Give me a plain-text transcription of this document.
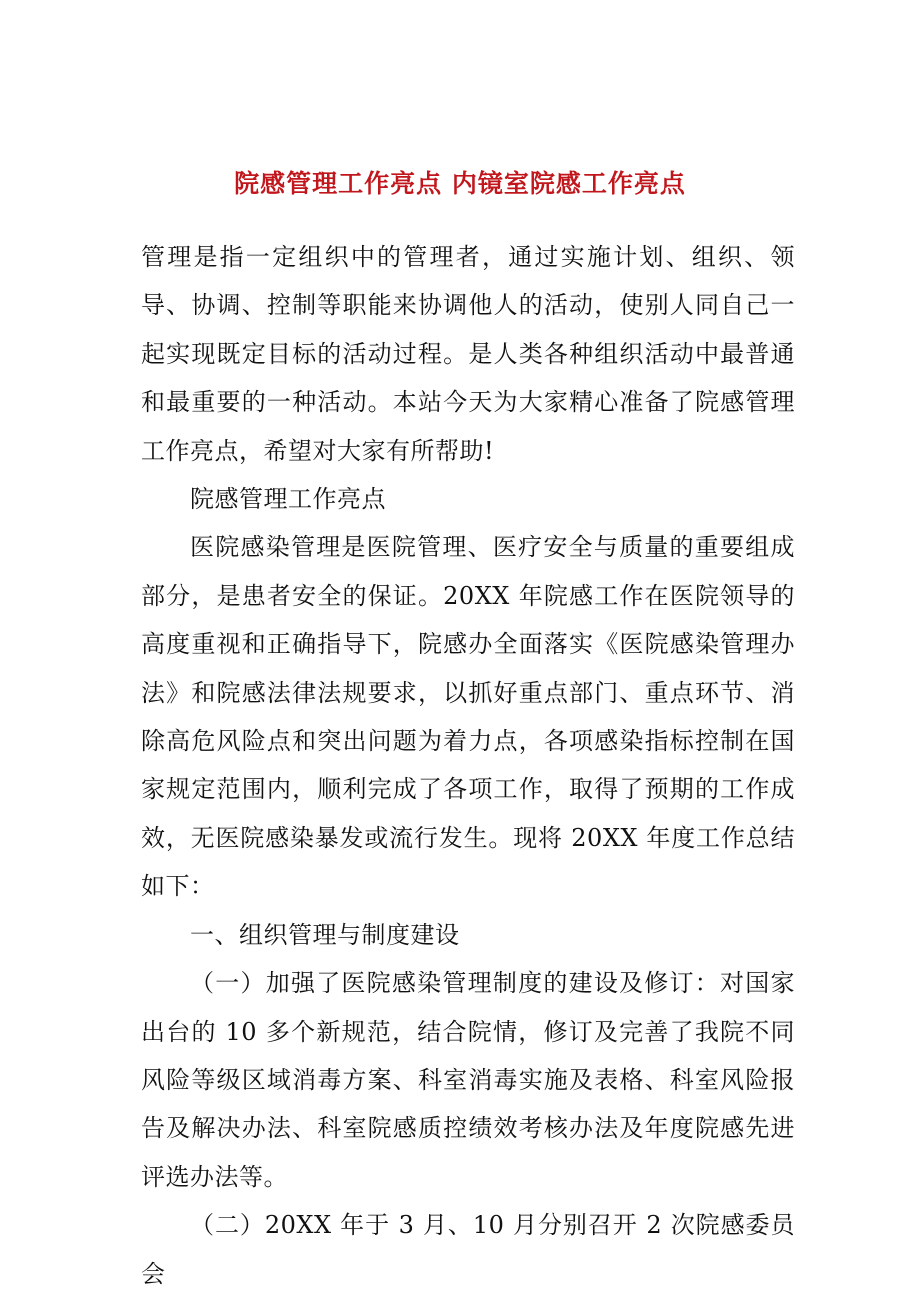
院感管理工作亮点 内镜室院感工作亮点

管理是指一定组织中的管理者，通过实施计划、组织、领导、协调、控制等职能来协调他人的活动，使别人同自己一起实现既定目标的活动过程。是人类各种组织活动中最普通和最重要的一种活动。本站今天为大家精心准备了院感管理工作亮点，希望对大家有所帮助!

院感管理工作亮点

医院感染管理是医院管理、医疗安全与质量的重要组成部分，是患者安全的保证。20XX 年院感工作在医院领导的高度重视和正确指导下，院感办全面落实《医院感染管理办法》和院感法律法规要求，以抓好重点部门、重点环节、消除高危风险点和突出问题为着力点，各项感染指标控制在国家规定范围内，顺利完成了各项工作，取得了预期的工作成效，无医院感染暴发或流行发生。现将 20XX 年度工作总结如下：

一、组织管理与制度建设

（一）加强了医院感染管理制度的建设及修订：对国家出台的 10 多个新规范，结合院情，修订及完善了我院不同风险等级区域消毒方案、科室消毒实施及表格、科室风险报告及解决办法、科室院感质控绩效考核办法及年度院感先进评选办法等。

（二）20XX 年于 3 月、10 月分别召开 2 次院感委员会
